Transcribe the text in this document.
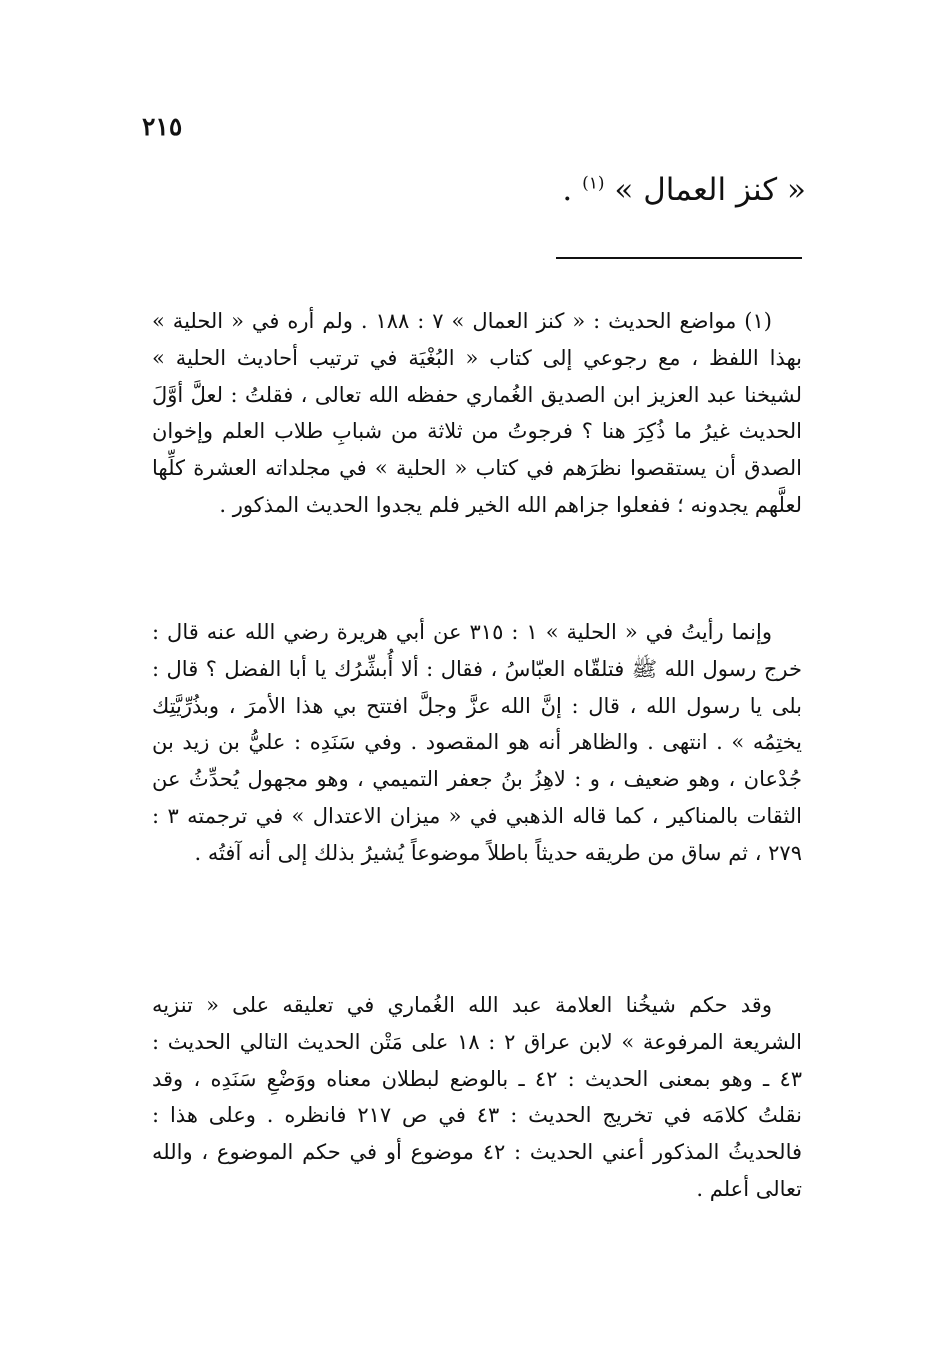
٢١٥
« كنز العمال » $^{(١)}$ .

(١) مواضع الحديث : « كنز العمال » ٧ : ١٨٨ . ولم أره في « الحلية » بهذا اللفظ ، مع رجوعي إلى كتاب « البُغْيَة في ترتيب أحاديث الحلية » لشيخنا عبد العزيز ابن الصديق الغُماري حفظه الله تعالى ، فقلتُ : لعلَّ أوَّلَ الحديث غيرُ ما ذُكِرَ هنا ؟ فرجوتُ من ثلاثة من شبابِ طلاب العلم وإخوان الصدق أن يستقصوا نظرَهم في كتاب « الحلية » في مجلداته العشرة كلِّها لعلَّهم يجدونه ؛ ففعلوا جزاهم الله الخير فلم يجدوا الحديث المذكور .

وإنما رأيتُ في « الحلية » ١ : ٣١٥ عن أبي هريرة رضي الله عنه قال : خرج رسول الله ﷺ فتلقّاه العبّاسُ ، فقال : ألا أُبشِّرُك يا أبا الفضل ؟ قال : بلى يا رسول الله ، قال : إنَّ الله عزَّ وجلَّ افتتح بي هذا الأمرَ ، وبذُرِّيَّتِك يختِمُه » . انتهى . والظاهر أنه هو المقصود . وفي سَنَدِه : عليُّ بن زيد بن جُدْعان ، وهو ضعيف ، و : لاهِزُ بنُ جعفر التميمي ، وهو مجهول يُحدِّثُ عن الثقات بالمناكير ، كما قاله الذهبي في « ميزان الاعتدال » في ترجمته ٣ : ٢٧٩ ، ثم ساق من طريقه حديثاً باطلاً موضوعاً يُشيرُ بذلك إلى أنه آفتُه .

وقد حكم شيخُنا العلامة عبد الله الغُماري في تعليقه على « تنزيه الشريعة المرفوعة » لابن عراق ٢ : ١٨ على مَتْن الحديث التالي الحديث : ٤٣ ـ وهو بمعنى الحديث : ٤٢ ـ بالوضع لبطلان معناه ووَضْعِ سَنَدِه ، وقد نقلتُ كلامَه في تخريج الحديث : ٤٣ في ص ٢١٧ فانظره . وعلى هذا : فالحديثُ المذكور أعني الحديث : ٤٢ موضوع أو في حكم الموضوع ، والله تعالى أعلم .
